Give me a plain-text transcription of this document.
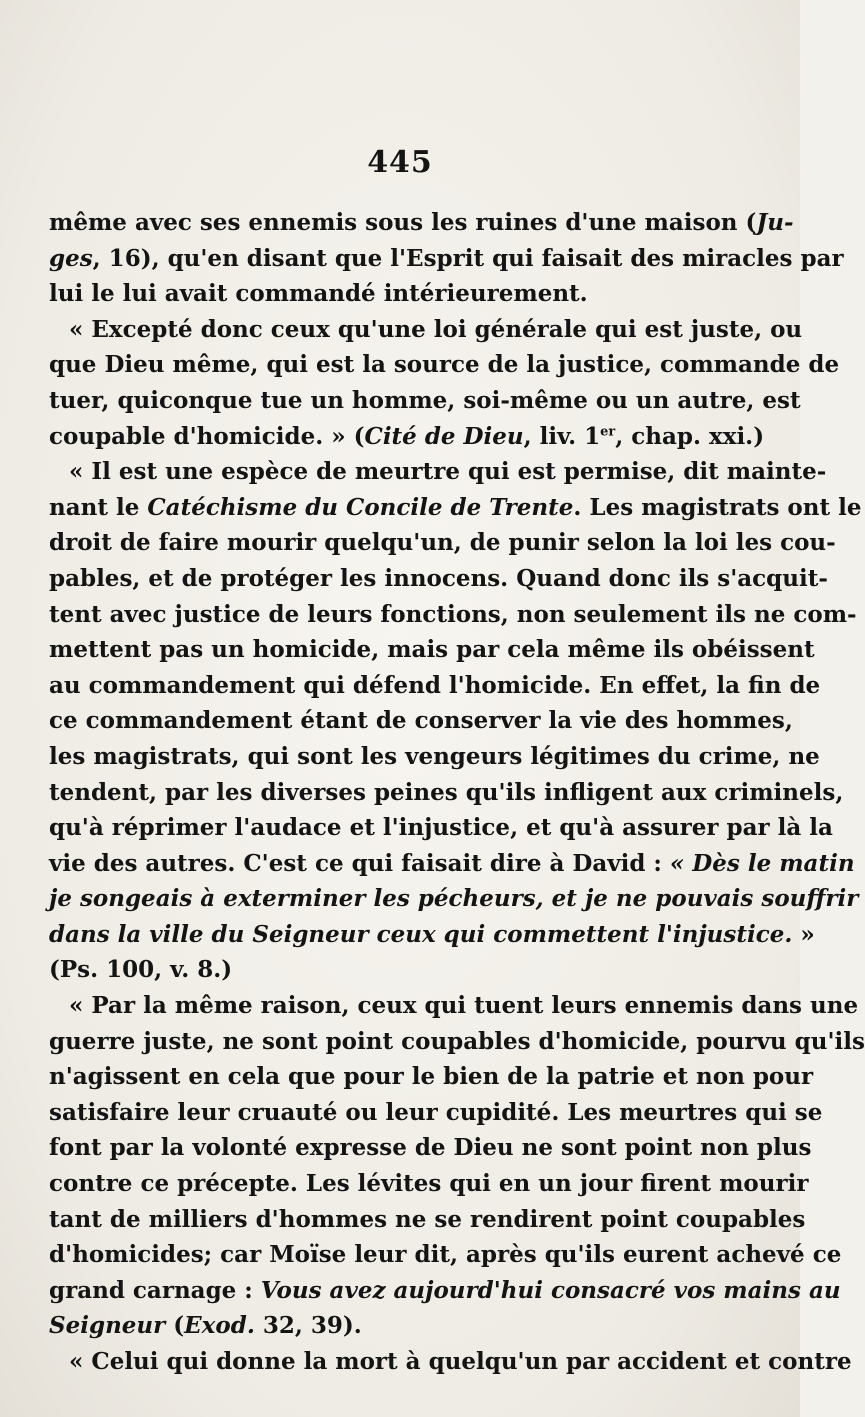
445
même avec ses ennemis sous les ruines d'une maison (Ju-
ges, 16), qu'en disant que l'Esprit qui faisait des miracles par
lui le lui avait commandé intérieurement.
« Excepté donc ceux qu'une loi générale qui est juste, ou
que Dieu même, qui est la source de la justice, commande de
tuer, quiconque tue un homme, soi-même ou un autre, est
coupable d'homicide. » (Cité de Dieu, liv. 1er, chap. xxi.)
« Il est une espèce de meurtre qui est permise, dit mainte-
nant le Catéchisme du Concile de Trente. Les magistrats ont le
droit de faire mourir quelqu'un, de punir selon la loi les cou-
pables, et de protéger les innocens. Quand donc ils s'acquit-
tent avec justice de leurs fonctions, non seulement ils ne com-
mettent pas un homicide, mais par cela même ils obéissent
au commandement qui défend l'homicide. En effet, la fin de
ce commandement étant de conserver la vie des hommes,
les magistrats, qui sont les vengeurs légitimes du crime, ne
tendent, par les diverses peines qu'ils infligent aux criminels,
qu'à réprimer l'audace et l'injustice, et qu'à assurer par là la
vie des autres. C'est ce qui faisait dire à David : « Dès le matin
je songeais à exterminer les pécheurs, et je ne pouvais souffrir
dans la ville du Seigneur ceux qui commettent l'injustice. »
(Ps. 100, v. 8.)
« Par la même raison, ceux qui tuent leurs ennemis dans une
guerre juste, ne sont point coupables d'homicide, pourvu qu'ils
n'agissent en cela que pour le bien de la patrie et non pour
satisfaire leur cruauté ou leur cupidité. Les meurtres qui se
font par la volonté expresse de Dieu ne sont point non plus
contre ce précepte. Les lévites qui en un jour firent mourir
tant de milliers d'hommes ne se rendirent point coupables
d'homicides; car Moïse leur dit, après qu'ils eurent achevé ce
grand carnage : Vous avez aujourd'hui consacré vos mains au
Seigneur (Exod. 32, 39).
« Celui qui donne la mort à quelqu'un par accident et contre
